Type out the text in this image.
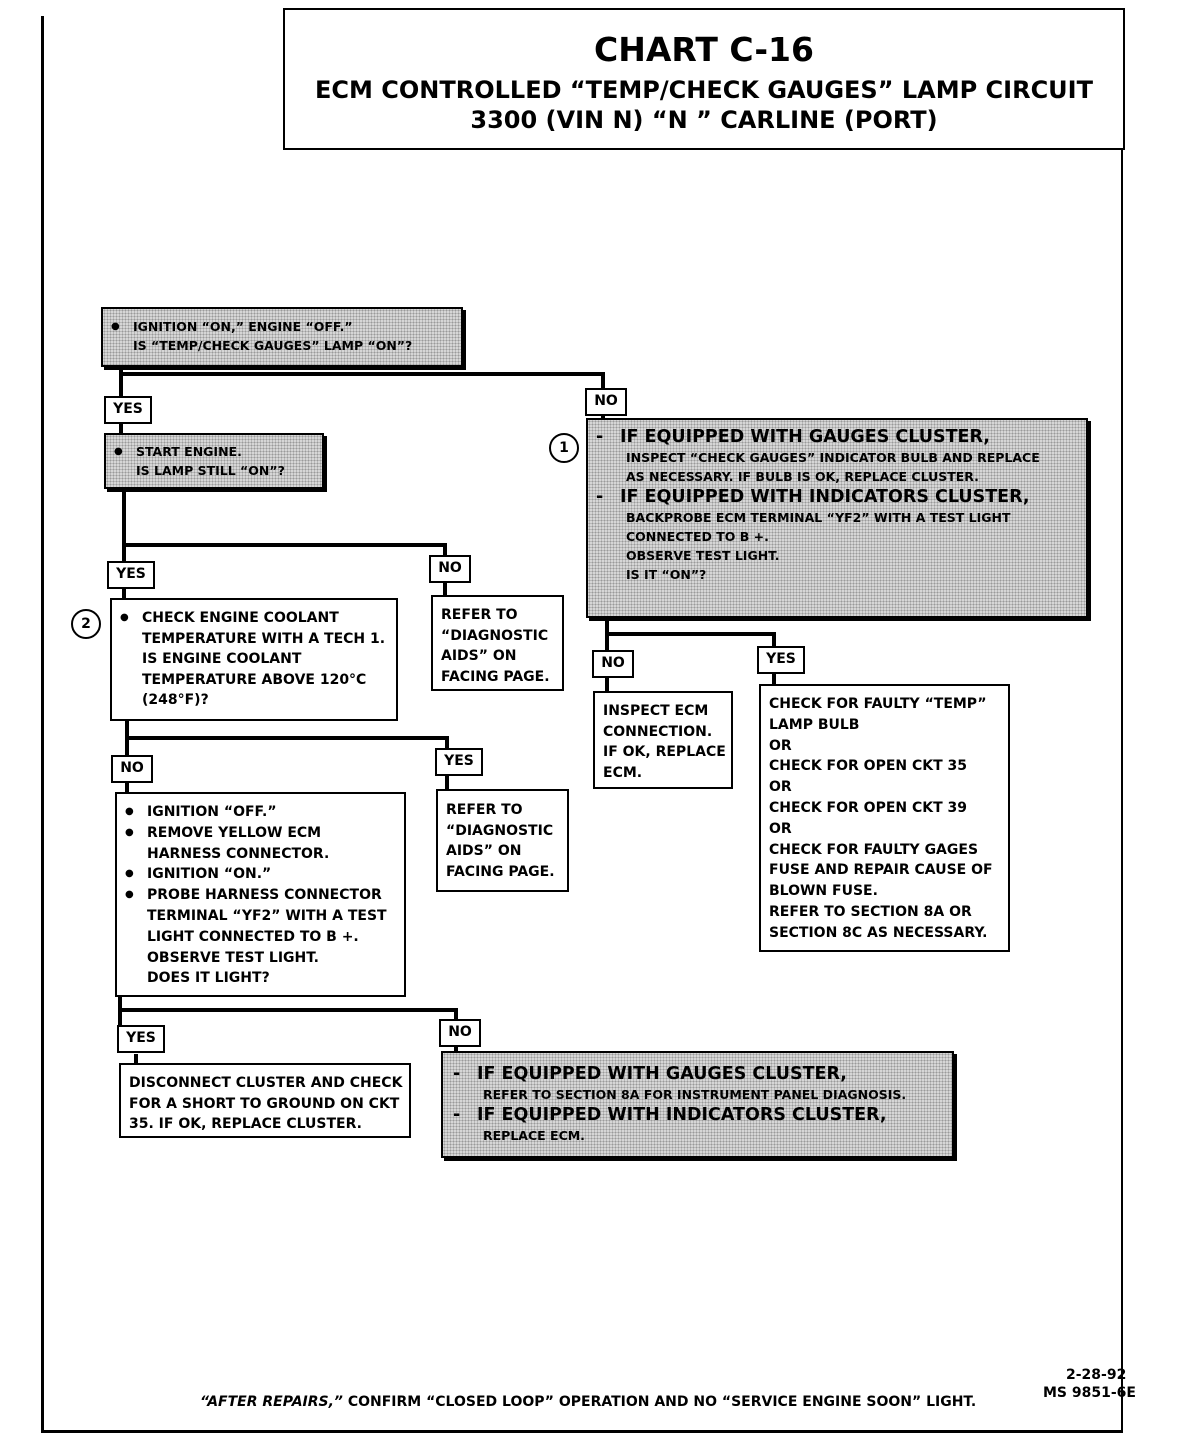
CHART C-16
ECM CONTROLLED “TEMP/CHECK GAUGES” LAMP CIRCUIT
3300 (VIN N) “N ” CARLINE (PORT)
● IGNITION “ON,” ENGINE “OFF.”
IS “TEMP/CHECK GAUGES” LAMP “ON”?
YES	NO
● START ENGINE.
IS LAMP STILL “ON”?
1
- IF EQUIPPED WITH GAUGES CLUSTER,
INSPECT “CHECK GAUGES” INDICATOR BULB AND REPLACE
AS NECESSARY. IF BULB IS OK, REPLACE CLUSTER.
- IF EQUIPPED WITH INDICATORS CLUSTER,
BACKPROBE ECM TERMINAL “YF2” WITH A TEST LIGHT
CONNECTED TO B +.
OBSERVE TEST LIGHT.
IS IT “ON”?
YES	NO
2
●	CHECK ENGINE COOLANT
TEMPERATURE WITH A TECH 1.
IS ENGINE COOLANT
TEMPERATURE ABOVE 120°C
(248°F)?
REFER TO
“DIAGNOSTIC
AIDS” ON
FACING PAGE.
NO	YES
INSPECT ECM
CONNECTION.
IF OK, REPLACE
ECM.
CHECK FOR FAULTY “TEMP”
LAMP BULB
OR
CHECK FOR OPEN CKT 35
OR
CHECK FOR OPEN CKT 39
OR
CHECK FOR FAULTY GAGES
FUSE AND REPAIR CAUSE OF
BLOWN FUSE.
REFER TO SECTION 8A OR
SECTION 8C AS NECESSARY.
NO	YES
● IGNITION “OFF.”
● REMOVE YELLOW ECM
HARNESS CONNECTOR.
● IGNITION “ON.”
● PROBE HARNESS CONNECTOR
TERMINAL “YF2” WITH A TEST
LIGHT CONNECTED TO B +.
OBSERVE TEST LIGHT.
DOES IT LIGHT?
REFER TO
“DIAGNOSTIC
AIDS” ON
FACING PAGE.
YES	NO
DISCONNECT CLUSTER AND CHECK
FOR A SHORT TO GROUND ON CKT
35. IF OK, REPLACE CLUSTER.
- IF EQUIPPED WITH GAUGES CLUSTER,
REFER TO SECTION 8A FOR INSTRUMENT PANEL DIAGNOSIS.
- IF EQUIPPED WITH INDICATORS CLUSTER,
REPLACE ECM.
“AFTER REPAIRS,” CONFIRM “CLOSED LOOP” OPERATION AND NO “SERVICE ENGINE SOON” LIGHT.
2-28-92
MS 9851-6E
